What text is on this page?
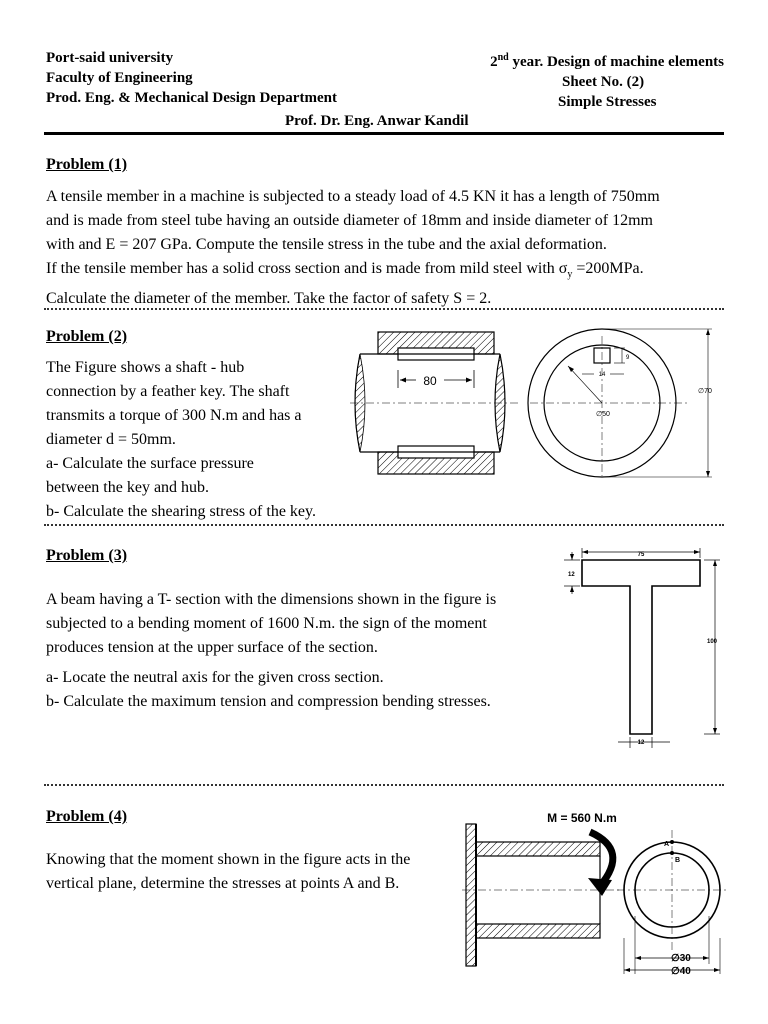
Port-said university
Faculty of Engineering
Prod. Eng. & Mechanical Design Department
2nd year. Design of machine elements
Sheet No. (2)
Simple Stresses
Prof. Dr. Eng. Anwar Kandil
Problem (1)
A tensile member in a machine is subjected to a steady load of 4.5 KN it has a length of 750mm
and is made from steel tube having an outside diameter of 18mm and inside diameter of 12mm
with and E = 207 GPa. Compute the tensile stress in the tube and the axial deformation.
If the tensile member has a solid cross section and is made from mild steel with $\sigma_y =200MPa$.
Calculate the diameter of the member. Take the factor of safety S = 2.
Problem (2)
The Figure shows a shaft - hub
connection by a feather key. The shaft
transmits a torque of 300 N.m and has a
diameter d = 50mm.
a- Calculate the surface pressure
between the key and hub.
b- Calculate the shearing stress of the key.
80
9
14
∅50
∅70
Problem (3)
A beam having a T- section with the dimensions shown in the figure is
subjected to a bending moment of 1600 N.m. the sign of the moment
produces tension at the upper surface of the section.
a- Locate the neutral axis for the given cross section.
b- Calculate the maximum tension and compression bending stresses.
75
12
100
12
Problem (4)
Knowing that the moment shown in the figure acts in the
vertical plane, determine the stresses at points A and B.
M = 560 N.m
A
B
∅30
∅40
